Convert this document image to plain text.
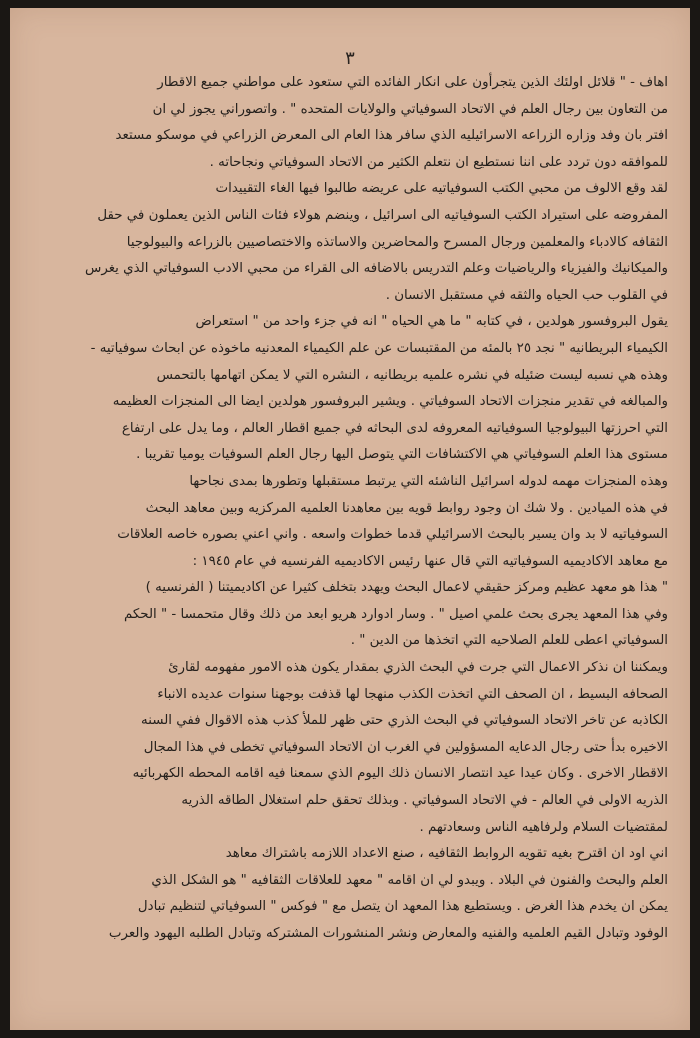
٣
اهاف - " قلائل اولئك الذين يتجرأون على انكار الفائده التي ستعود على مواطني جميع الاقطار
من التعاون بين رجال العلم في الاتحاد السوفياتي والولايات المتحده " . واتصوراني يجوز لي ان
افتر بان وفد وزاره الزراعه الاسرائيليه الذي سافر هذا العام الى المعرض الزراعي في موسكو مستعد
للموافقه دون تردد على اننا نستطيع ان نتعلم الكثير من الاتحاد السوفياتي ونجاحاته .
لقد وقع الالوف من محبي الكتب السوفياتيه على عريضه طالبوا فيها الغاء التقييدات
المفروضه على استيراد الكتب السوفياتيه الى اسرائيل ، وينضم هولاء فئات الناس الذين يعملون في حقل
الثقافه كالادباء والمعلمين ورجال المسرح والمحاضرين والاساتذه والاختصاصيين بالزراعه والبيولوجيا
والميكانيك والفيزياء والرياضيات وعلم التدريس بالاضافه الى القراء من محبي الادب السوفياتي الذي يغرس
في القلوب حب الحياه والثقه في مستقبل الانسان .
يقول البروفسور هولدين ، في كتابه " ما هي الحياه " انه في جزء واحد من " استعراض
الكيمياء البريطانيه " نجد ٢٥ بالمئه من المقتبسات عن علم الكيمياء المعدنيه ماخوذه عن ابحاث سوفياتيه -
وهذه هي نسبه ليست ضئيله في نشره علميه بريطانيه ، النشره التي لا يمكن اتهامها بالتحمس
والمبالغه في تقدير منجزات الاتحاد السوفياتي . ويشير البروفسور هولدين ايضا الى المنجزات العظيمه
التي احرزتها البيولوجيا السوفياتيه المعروفه لدى البحاثه في جميع اقطار العالم ، وما يدل على ارتفاع
مستوى هذا العلم السوفياتي هي الاكتشافات التي يتوصل اليها رجال العلم السوفيات يوميا تقريبا .
وهذه المنجزات مهمه لدوله اسرائيل الناشئه التي يرتبط مستقبلها وتطورها بمدى نجاحها
في هذه الميادين . ولا شك ان وجود روابط قويه بين معاهدنا العلميه المركزيه وبين معاهد البحث
السوفياتيه لا بد وان يسير بالبحث الاسرائيلي قدما خطوات واسعه . واني اعني بصوره خاصه العلاقات
مع معاهد الاكاديميه السوفياتيه التي قال عنها رئيس الاكاديميه الفرنسيه في عام ١٩٤٥ :
" هذا هو معهد عظيم ومركز حقيقي لاعمال البحث ويهدد بتخلف كثيرا عن اكاديميتنا ( الفرنسيه )
وفي هذا المعهد يجرى بحث علمي اصيل " . وسار ادوارد هريو ابعد من ذلك وقال متحمسا - " الحكم
السوفياتي اعطى للعلم الصلاحيه التي اتخذها من الدين " .
ويمكننا ان نذكر الاعمال التي جرت في البحث الذري بمقدار يكون هذه الامور مفهومه لقارئ
الصحافه البسيط ، ان الصحف التي اتخذت الكذب منهجا لها قذفت بوجهنا سنوات عديده الانباء
الكاذبه عن تاخر الاتحاد السوفياتي في البحث الذري حتى ظهر للملأ كذب هذه الاقوال ففي السنه
الاخيره بدأ حتى رجال الدعايه المسؤولين في الغرب ان الاتحاد السوفياتي تخطى في هذا المجال
الاقطار الاخرى . وكان عيدا عيد انتصار الانسان ذلك اليوم الذي سمعنا فيه اقامه المحطه الكهربائيه
الذريه الاولى في العالم - في الاتحاد السوفياتي . وبذلك تحقق حلم استغلال الطاقه الذريه
لمقتضيات السلام ولرفاهيه الناس وسعادتهم .
اني اود ان اقترح بغيه تقويه الروابط الثقافيه ، صنع الاعداد اللازمه باشتراك معاهد
العلم والبحث والفنون في البلاد . ويبدو لي ان اقامه " معهد للعلاقات الثقافيه " هو الشكل الذي
يمكن ان يخدم هذا الغرض . ويستطيع هذا المعهد ان يتصل مع " فوكس " السوفياتي لتنظيم تبادل
الوفود وتبادل القيم العلميه والفنيه والمعارض ونشر المنشورات المشتركه وتبادل الطلبه اليهود والعرب
